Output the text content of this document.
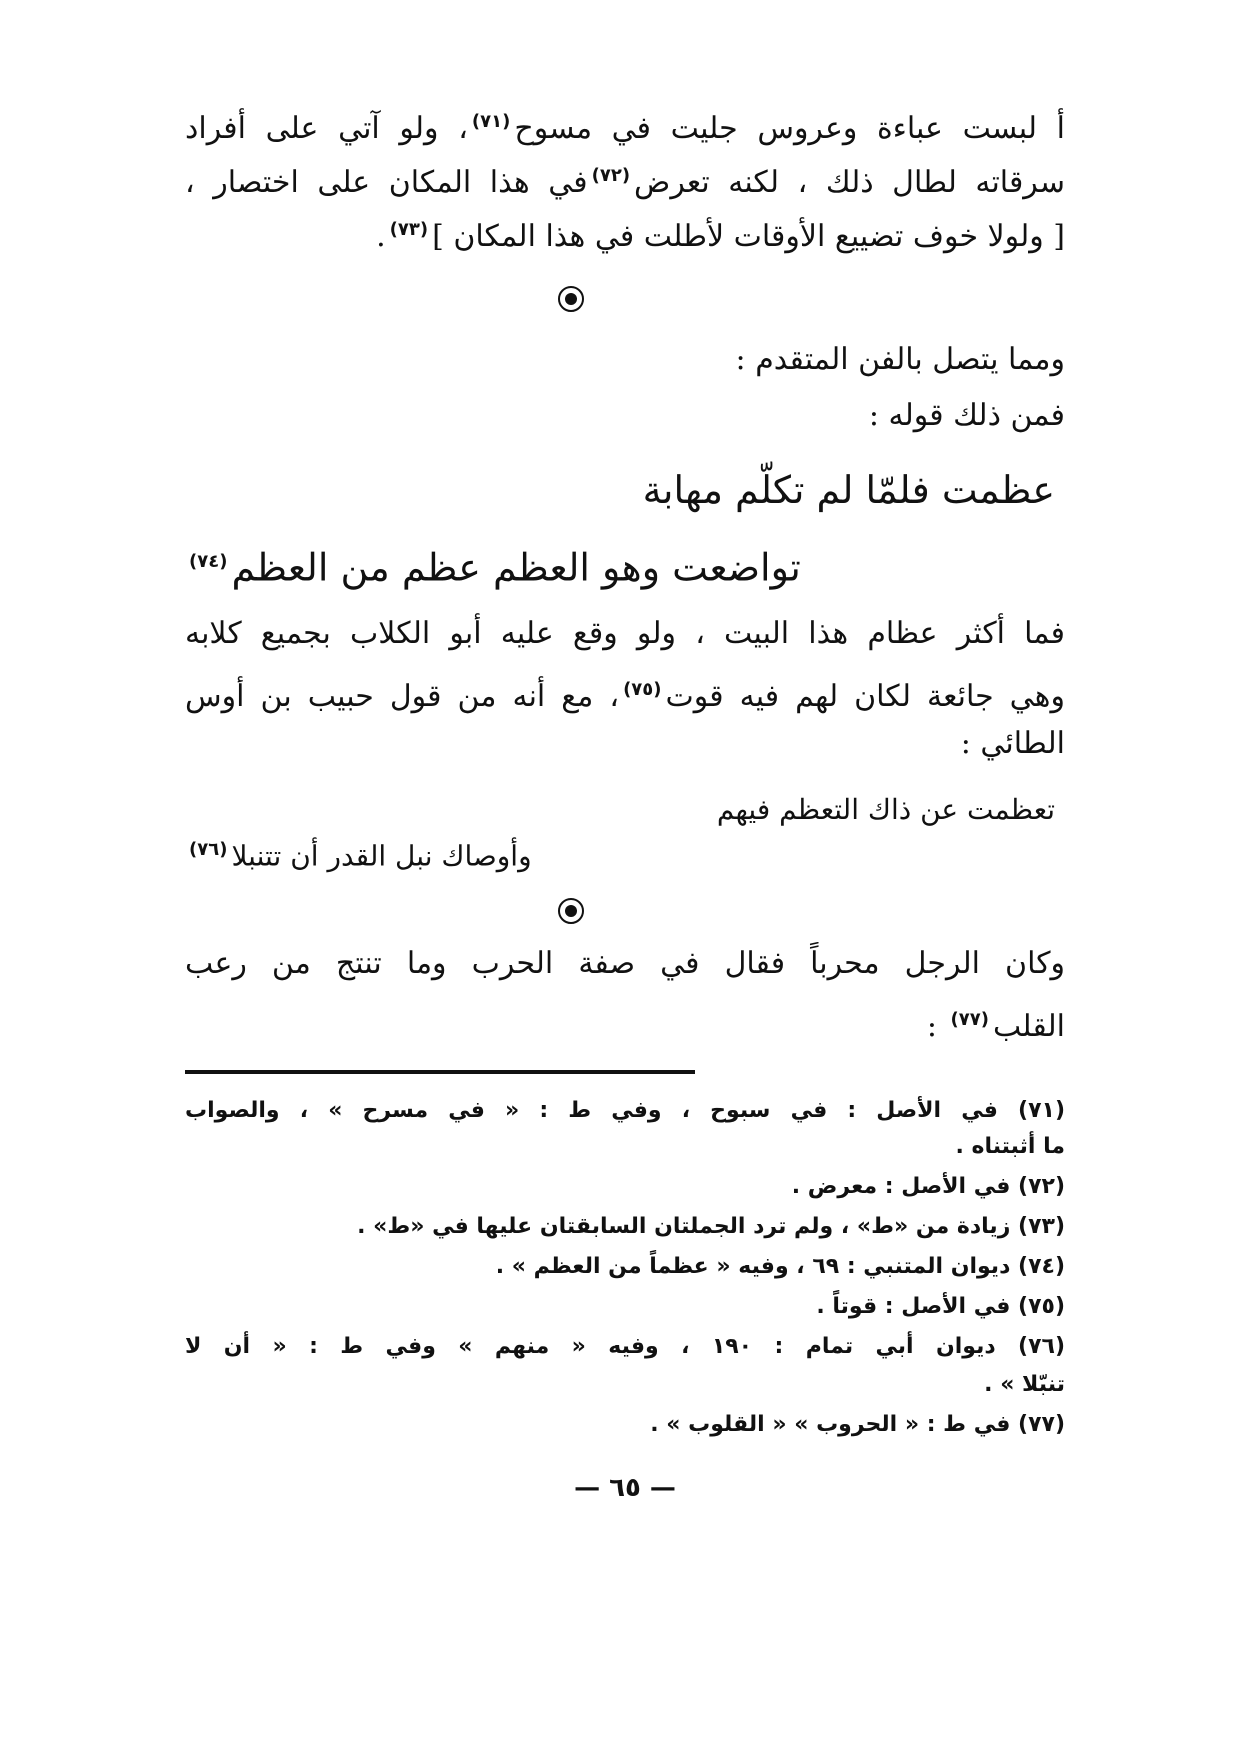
أ لبست عباءة وعروس جليت في مسوح$^{(٧١)}$، ولو آتي على أفراد
سرقاته لطال ذلك ، لكنه تعرض$^{(٧٢)}$في هذا المكان على اختصار ،
[ ولولا خوف تضييع الأوقات لأطلت في هذا المكان ]$^{(٧٣)}$.
ومما يتصل بالفن المتقدم :
فمن ذلك قوله :
عظمت فلمّا لم تكلّم مهابة
تواضعت وهو العظم عظم من العظم$^{(٧٤)}$
فما أكثر عظام هذا البيت ، ولو وقع عليه أبو الكلاب بجميع كلابه
وهي جائعة لكان لهم فيه قوت$^{(٧٥)}$، مع أنه من قول حبيب بن أوس
الطائي :
تعظمت عن ذاك التعظم فيهم
وأوصاك نبل القدر أن تتنبلا$^{(٧٦)}$
وكان الرجل محرباً فقال في صفة الحرب وما تنتج من رعب
القلب$^{(٧٧)}$ :
(٧١) في الأصل : في سبوح ، وفي ط : « في مسرح » ، والصواب
ما أثبتناه .
(٧٢) في الأصل : معرض .
(٧٣) زيادة من «ط» ، ولم ترد الجملتان السابقتان عليها في «ط» .
(٧٤) ديوان المتنبي : ٦٩ ، وفيه « عظماً من العظم » .
(٧٥) في الأصل : قوتاً .
(٧٦) ديوان أبي تمام : ١٩٠ ، وفيه « منهم » وفي ط : « أن لا
تنبّلا » .
(٧٧) في ط : « الحروب » « القلوب » .
— ٦٥ —
